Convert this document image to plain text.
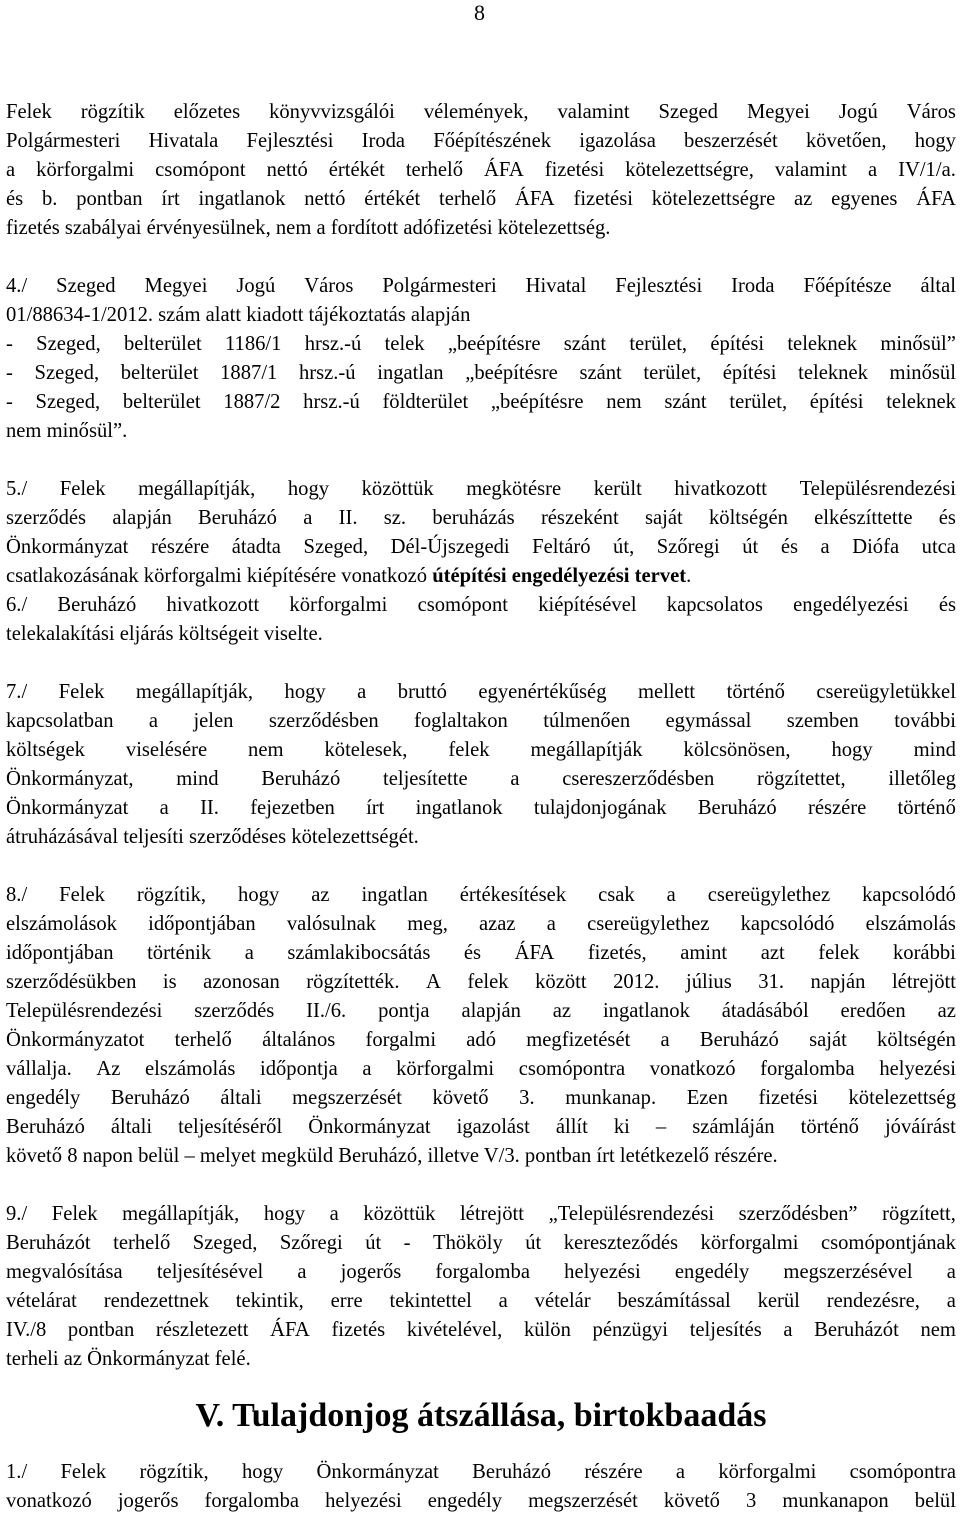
8

Felek rögzítik előzetes könyvvizsgálói vélemények, valamint Szeged Megyei Jogú Város
Polgármesteri Hivatala Fejlesztési Iroda Főépítészének igazolása beszerzését követően, hogy
a körforgalmi csomópont nettó értékét terhelő ÁFA fizetési kötelezettségre, valamint a IV/1/a.
és b. pontban írt ingatlanok nettó értékét terhelő ÁFA fizetési kötelezettségre az egyenes ÁFA
fizetés szabályai érvényesülnek, nem a fordított adófizetési kötelezettség.

4./ Szeged Megyei Jogú Város Polgármesteri Hivatal Fejlesztési Iroda Főépítésze által
01/88634-1/2012. szám alatt kiadott tájékoztatás alapján
- Szeged, belterület 1186/1 hrsz.-ú telek „beépítésre szánt terület, építési teleknek minősül”
- Szeged, belterület 1887/1 hrsz.-ú ingatlan „beépítésre szánt terület, építési teleknek minősül
- Szeged, belterület 1887/2 hrsz.-ú földterület „beépítésre nem szánt terület, építési teleknek
nem minősül”.

5./ Felek megállapítják, hogy közöttük megkötésre került hivatkozott Településrendezési
szerződés alapján Beruházó a II. sz. beruházás részeként saját költségén elkészíttette és
Önkormányzat részére átadta Szeged, Dél-Újszegedi Feltáró út, Szőregi út és a Diófa utca
csatlakozásának körforgalmi kiépítésére vonatkozó útépítési engedélyezési tervet.

6./ Beruházó hivatkozott körforgalmi csomópont kiépítésével kapcsolatos engedélyezési és
telekalakítási eljárás költségeit viselte.

7./ Felek megállapítják, hogy a bruttó egyenértékűség mellett történő csereügyletükkel
kapcsolatban a jelen szerződésben foglaltakon túlmenően egymással szemben további
költségek viselésére nem kötelesek, felek megállapítják kölcsönösen, hogy mind
Önkormányzat, mind Beruházó teljesítette a csereszerződésben rögzítettet, illetőleg
Önkormányzat a II. fejezetben írt ingatlanok tulajdonjogának Beruházó részére történő
átruházásával teljesíti szerződéses kötelezettségét.

8./ Felek rögzítik, hogy az ingatlan értékesítések csak a csereügylethez kapcsolódó
elszámolások időpontjában valósulnak meg, azaz a csereügylethez kapcsolódó elszámolás
időpontjában történik a számlakibocsátás és ÁFA fizetés, amint azt felek korábbi
szerződésükben is azonosan rögzítették. A felek között 2012. július 31. napján létrejött
Településrendezési szerződés II./6. pontja alapján az ingatlanok átadásából eredően az
Önkormányzatot terhelő általános forgalmi adó megfizetését a Beruházó saját költségén
vállalja. Az elszámolás időpontja a körforgalmi csomópontra vonatkozó forgalomba helyezési
engedély Beruházó általi megszerzését követő 3. munkanap. Ezen fizetési kötelezettség
Beruházó általi teljesítéséről Önkormányzat igazolást állít ki – számláján történő jóváírást
követő 8 napon belül – melyet megküld Beruházó, illetve V/3. pontban írt letétkezelő részére.

9./ Felek megállapítják, hogy a közöttük létrejött „Településrendezési szerződésben” rögzített,
Beruházót terhelő Szeged, Szőregi út - Thököly út kereszteződés körforgalmi csomópontjának
megvalósítása teljesítésével a jogerős forgalomba helyezési engedély megszerzésével a
vételárat rendezettnek tekintik, erre tekintettel a vételár beszámítással kerül rendezésre, a
IV./8 pontban részletezett ÁFA fizetés kivételével, külön pénzügyi teljesítés a Beruházót nem
terheli az Önkormányzat felé.

V. Tulajdonjog átszállása, birtokbaadás

1./ Felek rögzítik, hogy Önkormányzat Beruházó részére a körforgalmi csomópontra
vonatkozó jogerős forgalomba helyezési engedély megszerzését követő 3 munkanapon belül
